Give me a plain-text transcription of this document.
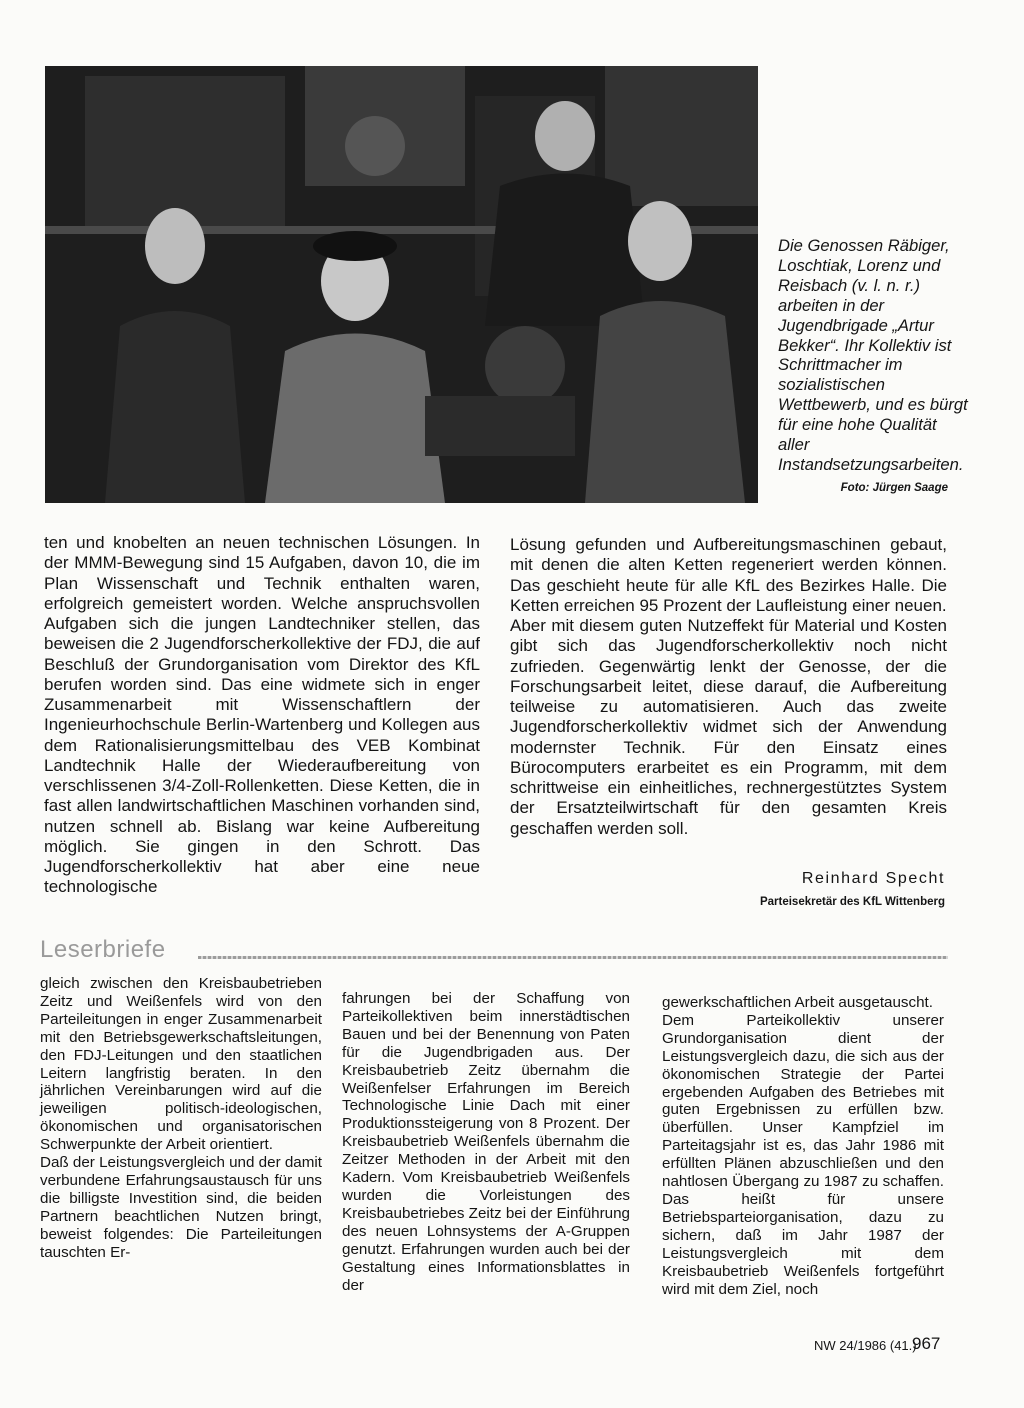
Die Genossen Räbiger, Loschtiak, Lorenz und Reisbach (v. l. n. r.) arbeiten in der Jugendbrigade „Artur Bekker“. Ihr Kollektiv ist Schrittmacher im sozialistischen Wettbewerb, und es bürgt für eine hohe Qualität aller Instandsetzungsarbeiten.
Foto: Jürgen Saage

ten und knobelten an neuen technischen Lösungen. In der MMM-Bewegung sind 15 Aufgaben, davon 10, die im Plan Wissenschaft und Technik enthalten waren, erfolgreich gemeistert worden. Welche anspruchsvollen Aufgaben sich die jungen Landtechniker stellen, das beweisen die 2 Jugendforscherkollektive der FDJ, die auf Beschluß der Grundorganisation vom Direktor des KfL berufen worden sind. Das eine widmete sich in enger Zusammenarbeit mit Wissenschaftlern der Ingenieurhochschule Berlin-Wartenberg und Kollegen aus dem Rationalisierungsmittelbau des VEB Kombinat Landtechnik Halle der Wiederaufbereitung von verschlissenen 3/4-Zoll-Rollenketten. Diese Ketten, die in fast allen landwirtschaftlichen Maschinen vorhanden sind, nutzen schnell ab. Bislang war keine Aufbereitung möglich. Sie gingen in den Schrott. Das Jugendforscherkollektiv hat aber eine neue technologische

Lösung gefunden und Aufbereitungsmaschinen gebaut, mit denen die alten Ketten regeneriert werden können. Das geschieht heute für alle KfL des Bezirkes Halle. Die Ketten erreichen 95 Prozent der Laufleistung einer neuen.

Aber mit diesem guten Nutzeffekt für Material und Kosten gibt sich das Jugendforscherkollektiv noch nicht zufrieden. Gegenwärtig lenkt der Genosse, der die Forschungsarbeit leitet, diese darauf, die Aufbereitung teilweise zu automatisieren. Auch das zweite Jugendforscherkollektiv widmet sich der Anwendung modernster Technik. Für den Einsatz eines Bürocomputers erarbeitet es ein Programm, mit dem schrittweise ein einheitliches, rechnergestütztes System der Ersatzteilwirtschaft für den gesamten Kreis geschaffen werden soll.

Reinhard Specht
Parteisekretär des KfL Wittenberg
Leserbriefe

gleich zwischen den Kreisbaubetrieben Zeitz und Weißenfels wird von den Parteileitungen in enger Zusammenarbeit mit den Betriebsgewerkschaftsleitungen, den FDJ-Leitungen und den staatlichen Leitern langfristig beraten. In den jährlichen Vereinbarungen wird auf die jeweiligen politisch-ideologischen, ökonomischen und organisatorischen Schwerpunkte der Arbeit orientiert.

Daß der Leistungsvergleich und der damit verbundene Erfahrungsaustausch für uns die billigste Investition sind, die beiden Partnern beachtlichen Nutzen bringt, beweist folgendes: Die Parteileitungen tauschten Er-

fahrungen bei der Schaffung von Parteikollektiven beim innerstädtischen Bauen und bei der Benennung von Paten für die Jugendbrigaden aus. Der Kreisbaubetrieb Zeitz übernahm die Weißenfelser Erfahrungen im Bereich Technologische Linie Dach mit einer Produktionssteigerung von 8 Prozent. Der Kreisbaubetrieb Weißenfels übernahm die Zeitzer Methoden in der Arbeit mit den Kadern. Vom Kreisbaubetrieb Weißenfels wurden die Vorleistungen des Kreisbaubetriebes Zeitz bei der Einführung des neuen Lohnsystems der A-Gruppen genutzt. Erfahrungen wurden auch bei der Gestaltung eines Informationsblattes in der

gewerkschaftlichen Arbeit ausgetauscht.

Dem Parteikollektiv unserer Grundorganisation dient der Leistungsvergleich dazu, die sich aus der ökonomischen Strategie der Partei ergebenden Aufgaben des Betriebes mit guten Ergebnissen zu erfüllen bzw. überfüllen. Unser Kampfziel im Parteitagsjahr ist es, das Jahr 1986 mit erfüllten Plänen abzuschließen und den nahtlosen Übergang zu 1987 zu schaffen. Das heißt für unsere Betriebsparteiorganisation, dazu zu sichern, daß im Jahr 1987 der Leistungsvergleich mit dem Kreisbaubetrieb Weißenfels fortgeführt wird mit dem Ziel, noch

NW 24/1986 (41.)
967
